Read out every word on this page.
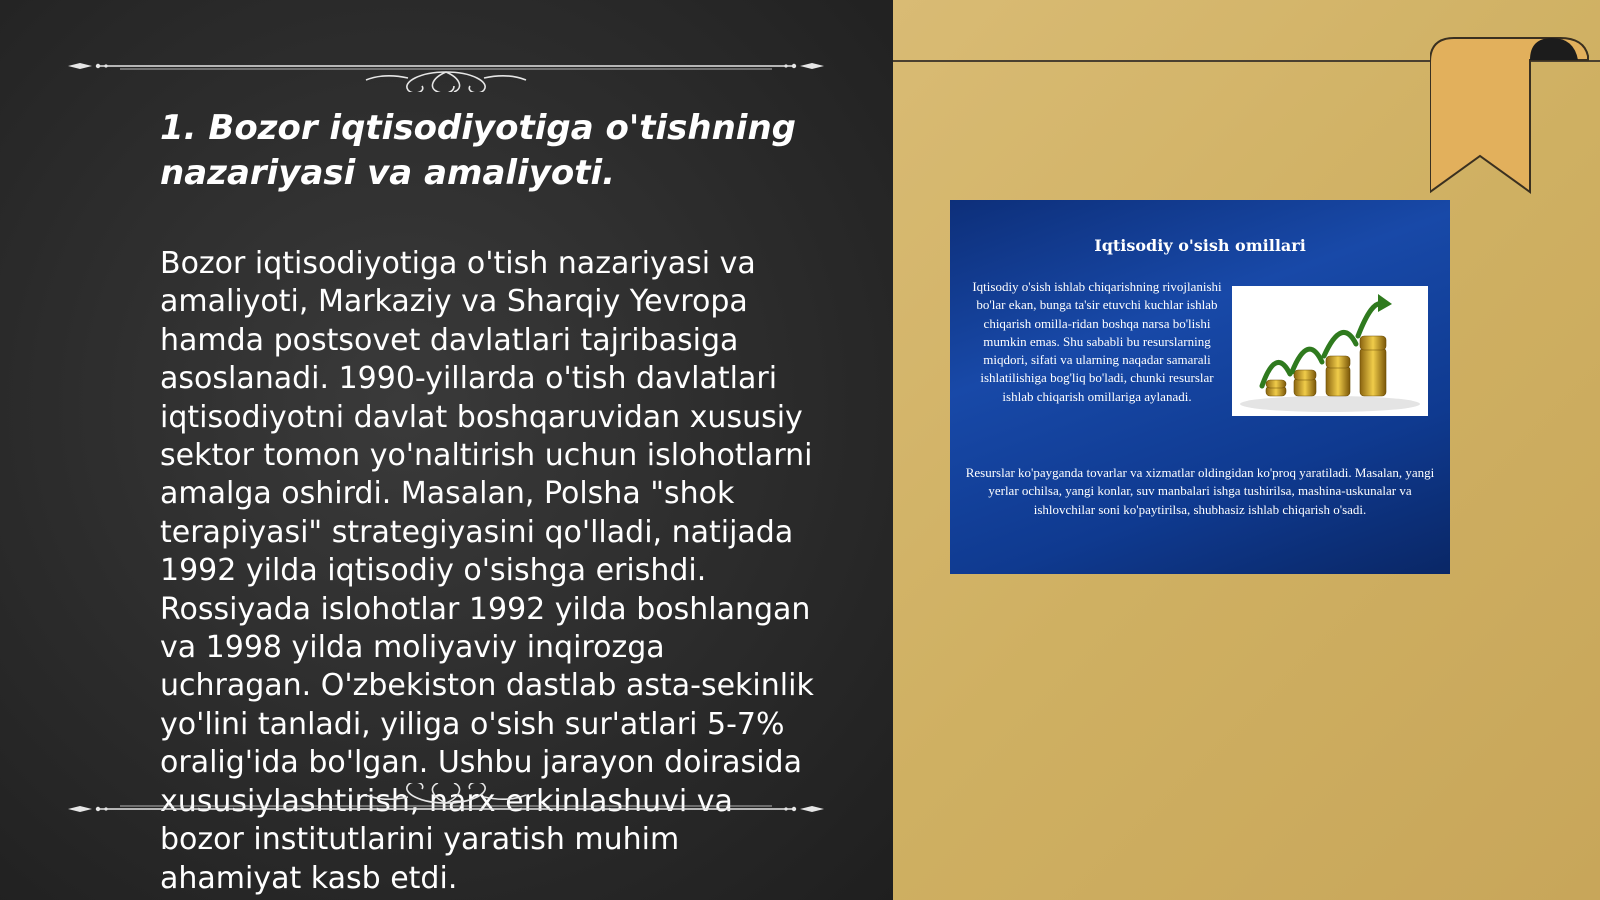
1. Bozor iqtisodiyotiga o'tishning nazariyasi va amaliyoti.

Bozor iqtisodiyotiga o'tish nazariyasi va amaliyoti, Markaziy va Sharqiy Yevropa hamda postsovet davlatlari tajribasiga asoslanadi. 1990-yillarda o'tish davlatlari iqtisodiyotni davlat boshqaruvidan xususiy sektor tomon yo'naltirish uchun islohotlarni amalga oshirdi. Masalan, Polsha "shok terapiyasi" strategiyasini qo'lladi, natijada 1992 yilda iqtisodiy o'sishga erishdi. Rossiyada islohotlar 1992 yilda boshlangan va 1998 yilda moliyaviy inqirozga uchragan. O'zbekiston dastlab asta-sekinlik yo'lini tanladi, yiliga o'sish sur'atlari 5-7% oralig'ida bo'lgan. Ushbu jarayon doirasida xususiylashtirish, narx erkinlashuvi va bozor institutlarini yaratish muhim ahamiyat kasb etdi.

Iqtisodiy o'sish omillari

Iqtisodiy o'sish ishlab chiqarishning rivojlanishi bo'lar ekan, bunga ta'sir etuvchi kuchlar ishlab chiqarish omilla-ridan boshqa narsa bo'lishi mumkin emas. Shu sababli bu resurslarning miqdori, sifati va ularning naqadar samarali ishlatilishiga bog'liq bo'ladi, chunki resurslar ishlab chiqarish omillariga aylanadi.

Resurslar ko'payganda tovarlar va xizmatlar oldingidan ko'proq yaratiladi. Masalan, yangi yerlar ochilsa, yangi konlar, suv manbalari ishga tushirilsa, mashina-uskunalar va ishlovchilar soni ko'paytirilsa, shubhasiz ishlab chiqarish o'sadi.
